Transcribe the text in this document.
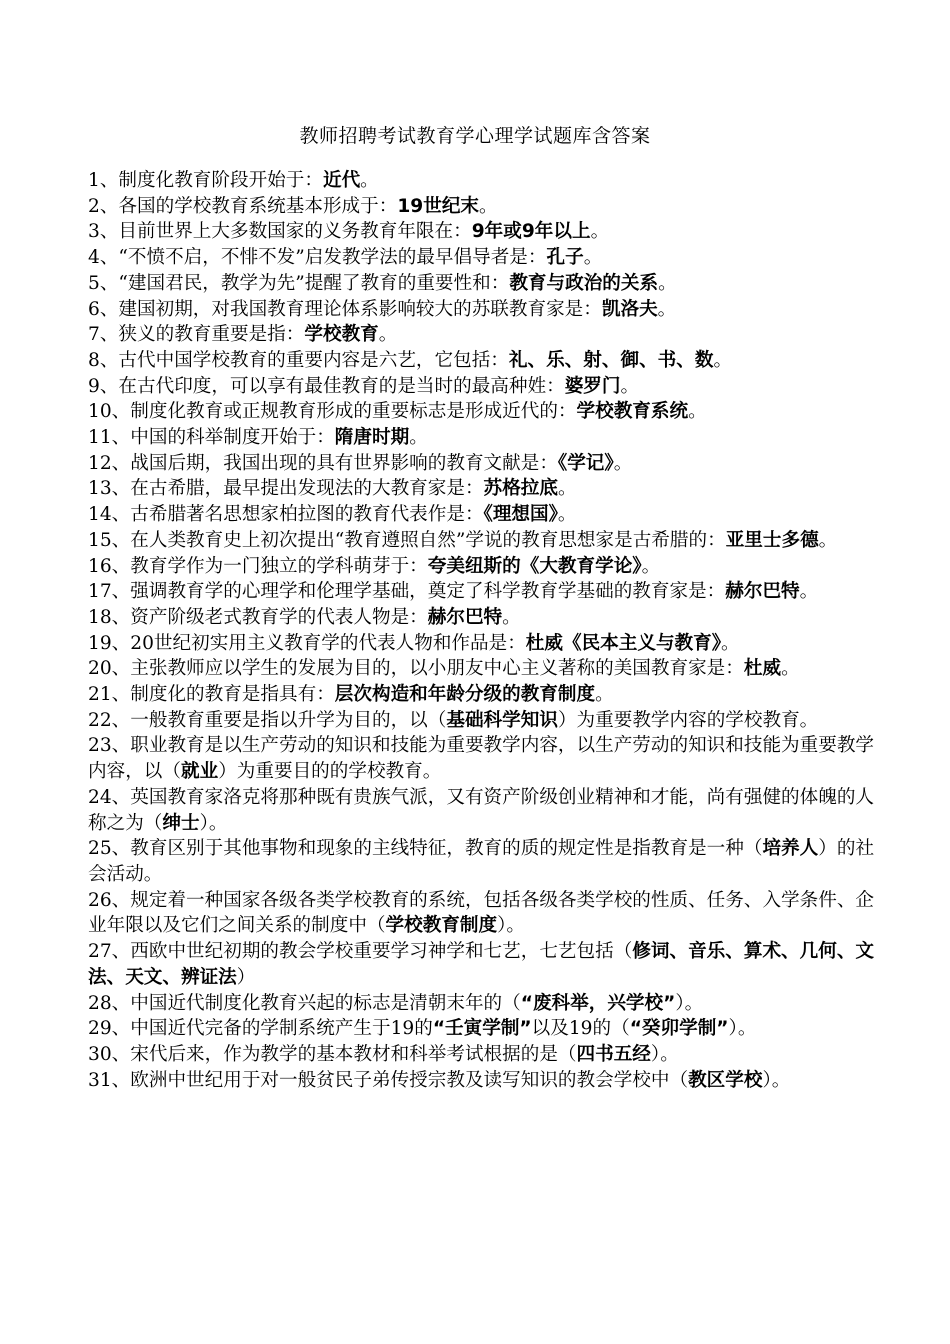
教师招聘考试教育学心理学试题库含答案

1、制度化教育阶段开始于：近代。

2、各国的学校教育系统基本形成于：19世纪末。

3、目前世界上大多数国家的义务教育年限在：9年或9年以上。

4、“不愤不启，不悱不发”启发教学法的最早倡导者是：孔子。

5、“建国君民，教学为先”提醒了教育的重要性和：教育与政治的关系。

6、建国初期，对我国教育理论体系影响较大的苏联教育家是：凯洛夫。

7、狭义的教育重要是指：学校教育。

8、古代中国学校教育的重要内容是六艺，它包括：礼、乐、射、御、书、数。

9、在古代印度，可以享有最佳教育的是当时的最高种姓：婆罗门。

10、制度化教育或正规教育形成的重要标志是形成近代的：学校教育系统。

11、中国的科举制度开始于：隋唐时期。

12、战国后期，我国出现的具有世界影响的教育文献是：《学记》。

13、在古希腊，最早提出发现法的大教育家是：苏格拉底。

14、古希腊著名思想家柏拉图的教育代表作是：《理想国》。

15、在人类教育史上初次提出“教育遵照自然”学说的教育思想家是古希腊的：亚里士多德。

16、教育学作为一门独立的学科萌芽于：夸美纽斯的《大教育学论》。

17、强调教育学的心理学和伦理学基础，奠定了科学教育学基础的教育家是：赫尔巴特。

18、资产阶级老式教育学的代表人物是：赫尔巴特。

19、20世纪初实用主义教育学的代表人物和作品是：杜威《民本主义与教育》。

20、主张教师应以学生的发展为目的，以小朋友中心主义著称的美国教育家是：杜威。

21、制度化的教育是指具有：层次构造和年龄分级的教育制度。

22、一般教育重要是指以升学为目的，以（基础科学知识）为重要教学内容的学校教育。

23、职业教育是以生产劳动的知识和技能为重要教学内容，以生产劳动的知识和技能为重要教学内容，以（就业）为重要目的的学校教育。

24、英国教育家洛克将那种既有贵族气派，又有资产阶级创业精神和才能，尚有强健的体魄的人称之为（绅士）。

25、教育区别于其他事物和现象的主线特征，教育的质的规定性是指教育是一种（培养人）的社会活动。

26、规定着一种国家各级各类学校教育的系统，包括各级各类学校的性质、任务、入学条件、企业年限以及它们之间关系的制度中（学校教育制度）。

27、西欧中世纪初期的教会学校重要学习神学和七艺，七艺包括（修词、音乐、算术、几何、文法、天文、辨证法）

28、中国近代制度化教育兴起的标志是清朝末年的（“废科举，兴学校”）。

29、中国近代完备的学制系统产生于19的“壬寅学制”以及19的（“癸卯学制”）。

30、宋代后来，作为教学的基本教材和科举考试根据的是（四书五经）。

31、欧洲中世纪用于对一般贫民子弟传授宗教及读写知识的教会学校中（教区学校）。
